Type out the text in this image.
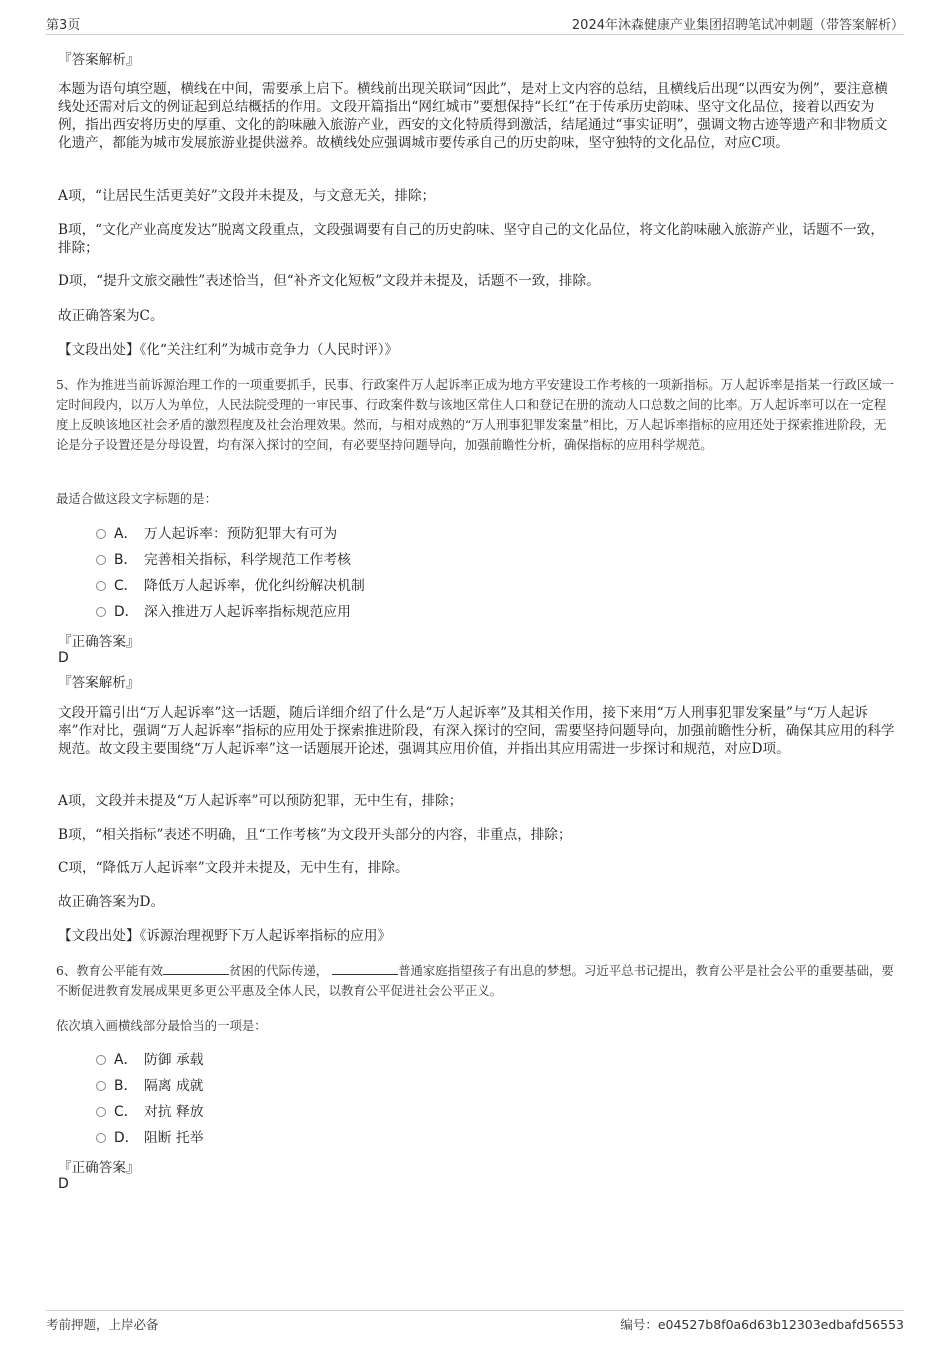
第3页	2024年沐森健康产业集团招聘笔试冲刺题（带答案解析）

『答案解析』

本题为语句填空题，横线在中间，需要承上启下。横线前出现关联词“因此”，是对上文内容的总结，且横线后出现“以西安为例”，要注意横线处还需对后文的例证起到总结概括的作用。文段开篇指出“网红城市”要想保持“长红”在于传承历史韵味、坚守文化品位，接着以西安为例，指出西安将历史的厚重、文化的韵味融入旅游产业，西安的文化特质得到激活，结尾通过“事实证明”，强调文物古迹等遗产和非物质文化遗产，都能为城市发展旅游业提供滋养。故横线处应强调城市要传承自己的历史韵味，坚守独特的文化品位，对应C项。

A项，“让居民生活更美好”文段并未提及，与文意无关，排除；

B项，“文化产业高度发达”脱离文段重点，文段强调要有自己的历史韵味、坚守自己的文化品位，将文化韵味融入旅游产业，话题不一致，排除；

D项，“提升文旅交融性”表述恰当，但“补齐文化短板”文段并未提及，话题不一致，排除。

故正确答案为C。

【文段出处】《化“关注红利”为城市竞争力（人民时评）》

5、作为推进当前诉源治理工作的一项重要抓手，民事、行政案件万人起诉率正成为地方平安建设工作考核的一项新指标。万人起诉率是指某一行政区域一定时间段内，以万人为单位，人民法院受理的一审民事、行政案件数与该地区常住人口和登记在册的流动人口总数之间的比率。万人起诉率可以在一定程度上反映该地区社会矛盾的激烈程度及社会治理效果。然而，与相对成熟的“万人刑事犯罪发案量”相比，万人起诉率指标的应用还处于探索推进阶段，无论是分子设置还是分母设置，均有深入探讨的空间，有必要坚持问题导向，加强前瞻性分析，确保指标的应用科学规范。

最适合做这段文字标题的是：

A． 万人起诉率：预防犯罪大有可为
B． 完善相关指标，科学规范工作考核
C． 降低万人起诉率，优化纠纷解决机制
D． 深入推进万人起诉率指标规范应用

『正确答案』

D

『答案解析』

文段开篇引出“万人起诉率”这一话题，随后详细介绍了什么是“万人起诉率”及其相关作用，接下来用“万人刑事犯罪发案量”与“万人起诉率”作对比，强调“万人起诉率”指标的应用处于探索推进阶段，有深入探讨的空间，需要坚持问题导向，加强前瞻性分析，确保其应用的科学规范。故文段主要围绕“万人起诉率”这一话题展开论述，强调其应用价值，并指出其应用需进一步探讨和规范，对应D项。

A项，文段并未提及“万人起诉率”可以预防犯罪，无中生有，排除；

B项，“相关指标”表述不明确，且“工作考核”为文段开头部分的内容，非重点，排除；

C项，“降低万人起诉率”文段并未提及，无中生有，排除。

故正确答案为D。

【文段出处】《诉源治理视野下万人起诉率指标的应用》

6、教育公平能有效	贫困的代际传递，	普通家庭指望孩子有出息的梦想。习近平总书记提出，教育公平是社会公平的重要基础，要不断促进教育发展成果更多更公平惠及全体人民，以教育公平促进社会公平正义。

依次填入画横线部分最恰当的一项是：

A． 防御 承载
B． 隔离 成就
C． 对抗 释放
D． 阻断 托举

『正确答案』

D

考前押题，上岸必备	编号：e04527b8f0a6d63b12303edbafd56553
